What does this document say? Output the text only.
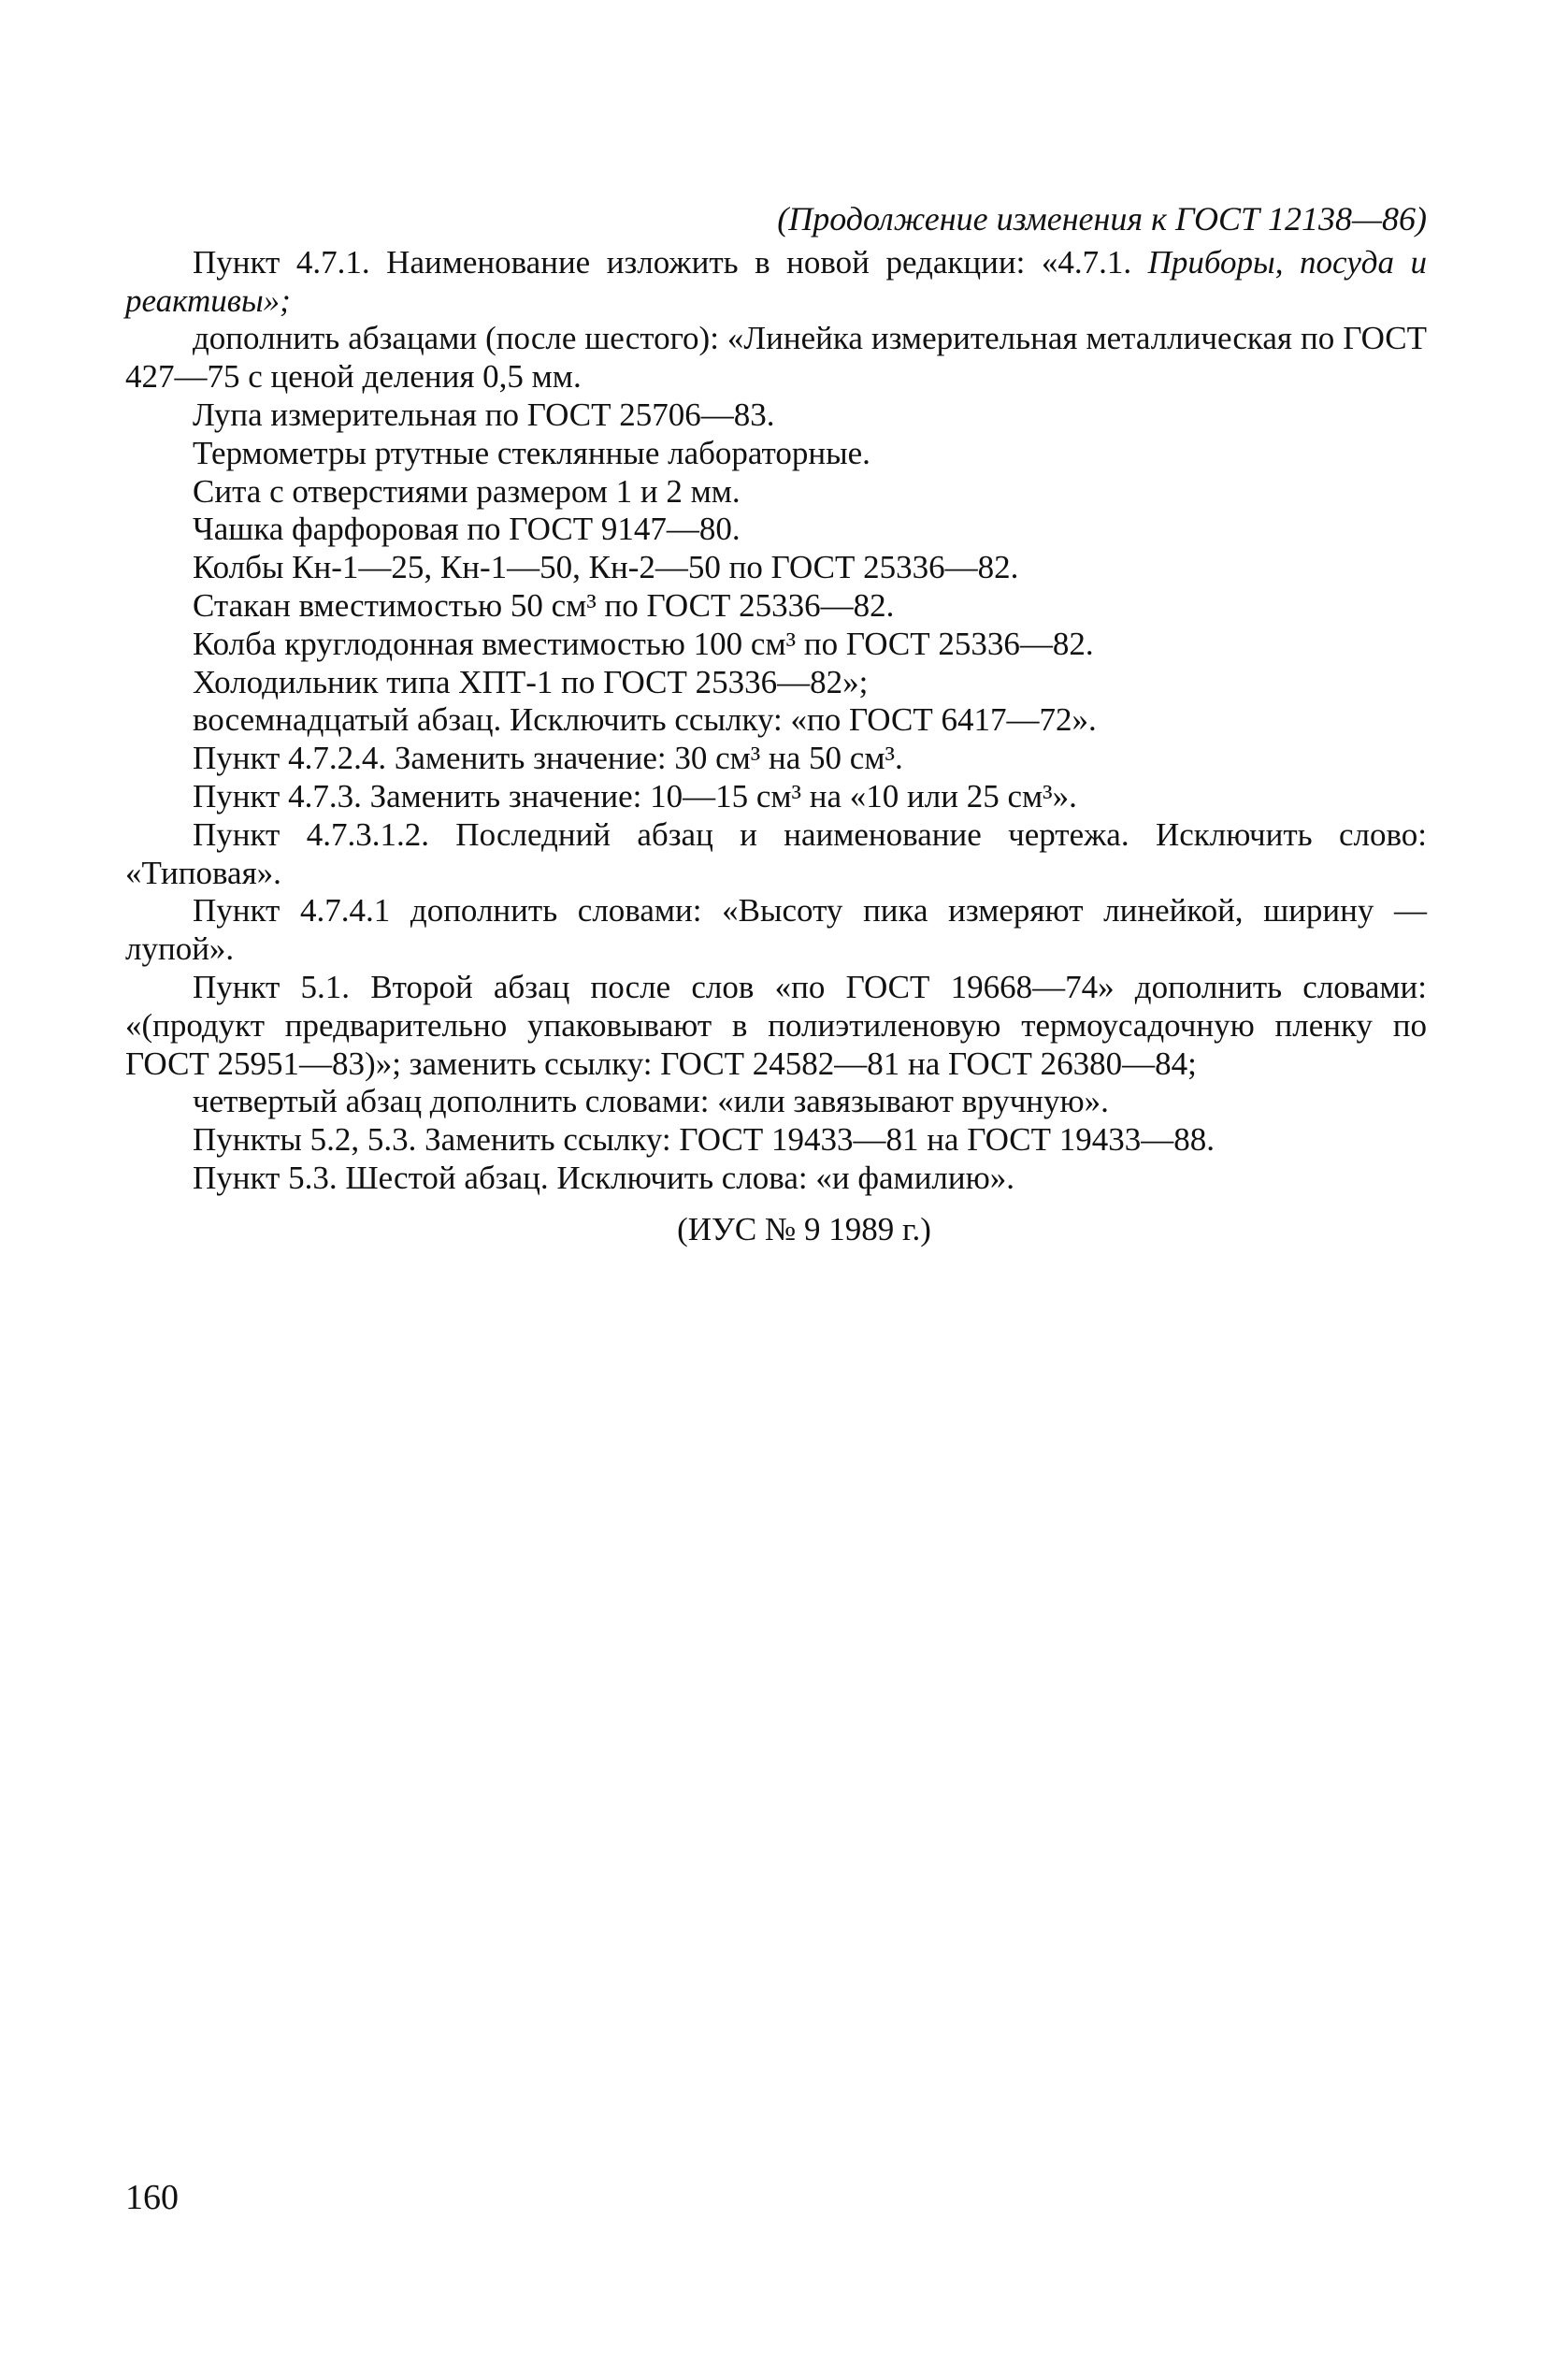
(Продолжение изменения к ГОСТ 12138—86)

Пункт 4.7.1. Наименование изложить в новой редакции: «4.7.1. Приборы, посуда и реактивы»;

дополнить абзацами (после шестого): «Линейка измерительная металлическая по ГОСТ 427—75 с ценой деления 0,5 мм.

Лупа измерительная по ГОСТ 25706—83.

Термометры ртутные стеклянные лабораторные.

Сита с отверстиями размером 1 и 2 мм.

Чашка фарфоровая по ГОСТ 9147—80.

Колбы Кн-1—25, Кн-1—50, Кн-2—50 по ГОСТ 25336—82.

Стакан вместимостью 50 см³ по ГОСТ 25336—82.

Колба круглодонная вместимостью 100 см³ по ГОСТ 25336—82.

Холодильник типа ХПТ-1 по ГОСТ 25336—82»;

восемнадцатый абзац. Исключить ссылку: «по ГОСТ 6417—72».

Пункт 4.7.2.4. Заменить значение: 30 см³ на 50 см³.

Пункт 4.7.3. Заменить значение: 10—15 см³ на «10 или 25 см³».

Пункт 4.7.3.1.2. Последний абзац и наименование чертежа. Исключить слово: «Типовая».

Пункт 4.7.4.1 дополнить словами: «Высоту пика измеряют линейкой, ширину — лупой».

Пункт 5.1. Второй абзац после слов «по ГОСТ 19668—74» дополнить словами: «(продукт предварительно упаковывают в полиэтиленовую термоусадочную пленку по ГОСТ 25951—83)»; заменить ссылку: ГОСТ 24582—81 на ГОСТ 26380—84;

четвертый абзац дополнить словами: «или завязывают вручную».

Пункты 5.2, 5.3. Заменить ссылку: ГОСТ 19433—81 на ГОСТ 19433—88.

Пункт 5.3. Шестой абзац. Исключить слова: «и фамилию».

(ИУС № 9 1989 г.)

160
